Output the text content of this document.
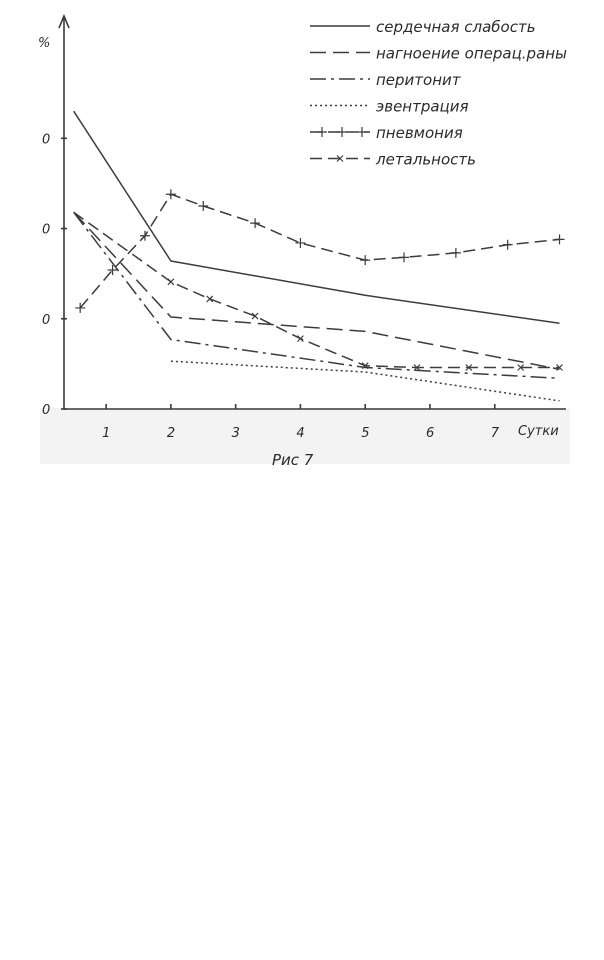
%
0
0
0
0
1	2	3	4	5	6	7 Сутки
сердечная слабость
нагноение операц.раны
перитонит
эвентрация
пневмония
летальность
Рис 7
